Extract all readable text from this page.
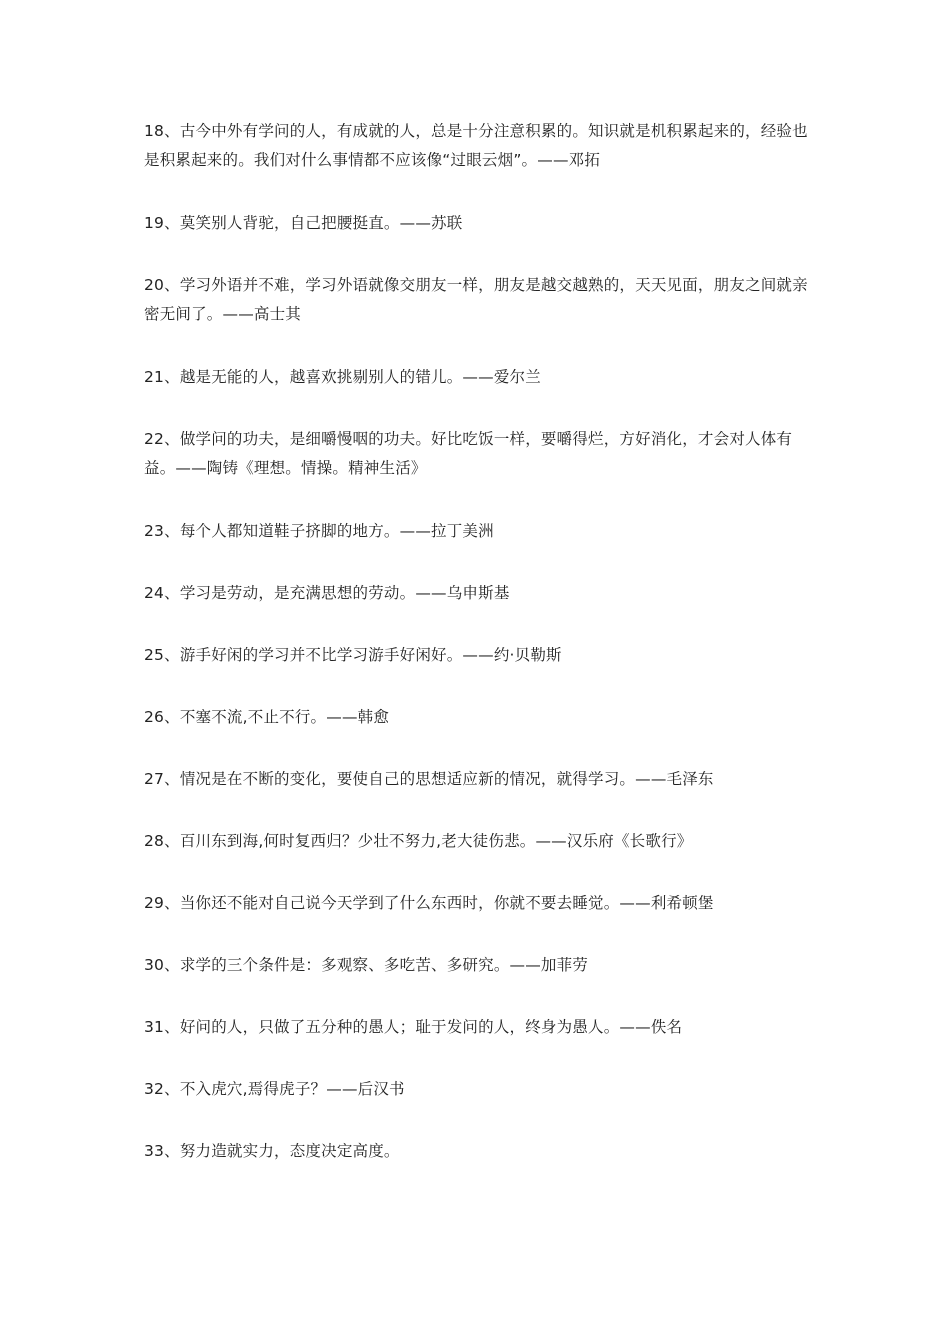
18、古今中外有学问的人，有成就的人，总是十分注意积累的。知识就是机积累起来的，经验也是积累起来的。我们对什么事情都不应该像“过眼云烟”。——邓拓
19、莫笑别人背驼，自己把腰挺直。——苏联
20、学习外语并不难，学习外语就像交朋友一样，朋友是越交越熟的，天天见面，朋友之间就亲密无间了。——高士其
21、越是无能的人，越喜欢挑剔别人的错儿。——爱尔兰
22、做学问的功夫，是细嚼慢咽的功夫。好比吃饭一样，要嚼得烂，方好消化，才会对人体有益。——陶铸《理想。情操。精神生活》
23、每个人都知道鞋子挤脚的地方。——拉丁美洲
24、学习是劳动，是充满思想的劳动。——乌申斯基
25、游手好闲的学习并不比学习游手好闲好。——约·贝勒斯
26、不塞不流,不止不行。——韩愈
27、情况是在不断的变化，要使自己的思想适应新的情况，就得学习。——毛泽东
28、百川东到海,何时复西归？少壮不努力,老大徒伤悲。——汉乐府《长歌行》
29、当你还不能对自己说今天学到了什么东西时，你就不要去睡觉。——利希顿堡
30、求学的三个条件是：多观察、多吃苦、多研究。——加菲劳
31、好问的人，只做了五分种的愚人；耻于发问的人，终身为愚人。——佚名
32、不入虎穴,焉得虎子？——后汉书
33、努力造就实力，态度决定高度。
